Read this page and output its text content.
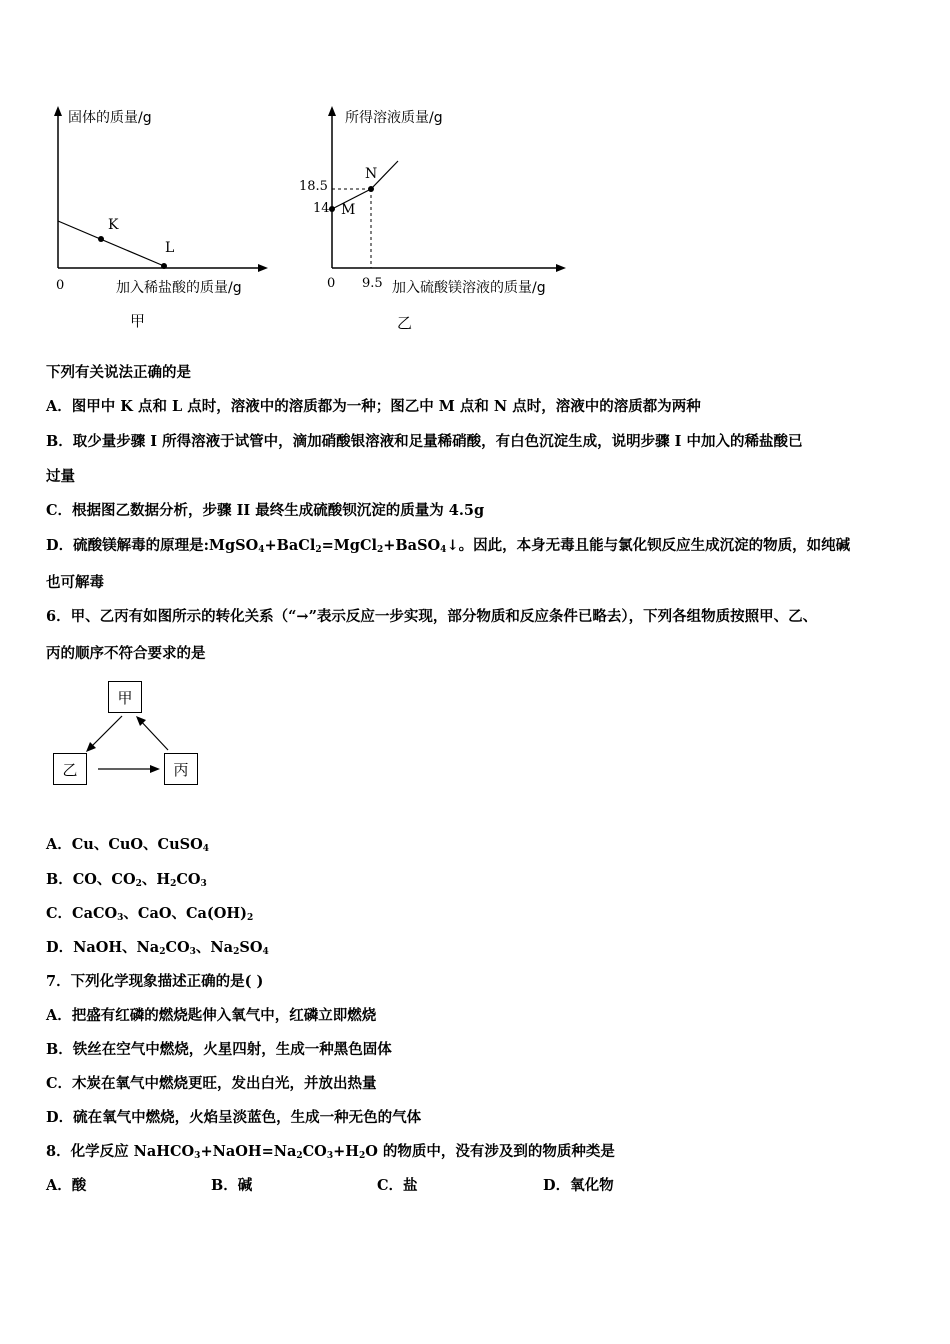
固体的质量/g
K
L
0	加入稀盐酸的质量/g
甲
所得溶液质量/g
N
18.5
14 M
0 9.5 加入硫酸镁溶液的质量/g
乙
下列有关说法正确的是
A．图甲中 K 点和 L 点时，溶液中的溶质都为一种；图乙中 M 点和 N 点时，溶液中的溶质都为两种
B．取少量步骤 I 所得溶液于试管中，滴加硝酸银溶液和足量稀硝酸，有白色沉淀生成，说明步骤 I 中加入的稀盐酸已
过量
C．根据图乙数据分析，步骤 II 最终生成硫酸钡沉淀的质量为 4.5g
D．硫酸镁解毒的原理是:MgSO$_4$+BaCl$_2$=MgCl$_2$+BaSO$_4$↓。因此，本身无毒且能与氯化钡反应生成沉淀的物质，如纯碱
也可解毒
6．甲、乙丙有如图所示的转化关系（“→”表示反应一步实现，部分物质和反应条件已略去），下列各组物质按照甲、乙、
丙的顺序不符合要求的是
甲
乙	丙
A．Cu、CuO、CuSO$_4$
B．CO、$CO_2$、$H_2CO_3$
C．CaCO$_3$、CaO、$Ca(OH)_2$
D．NaOH、$Na_2CO_3$、$Na_2SO_4$
7．下列化学现象描述正确的是( )
A．把盛有红磷的燃烧匙伸入氧气中，红磷立即燃烧
B．铁丝在空气中燃烧，火星四射，生成一种黑色固体
C．木炭在氧气中燃烧更旺，发出白光，并放出热量
D．硫在氧气中燃烧，火焰呈淡蓝色，生成一种无色的气体
8．化学反应 $NaHCO_3+NaOH=Na_2CO_3+H_2O$ 的物质中，没有涉及到的物质种类是
A．酸	B．碱	C．盐	D．氧化物
